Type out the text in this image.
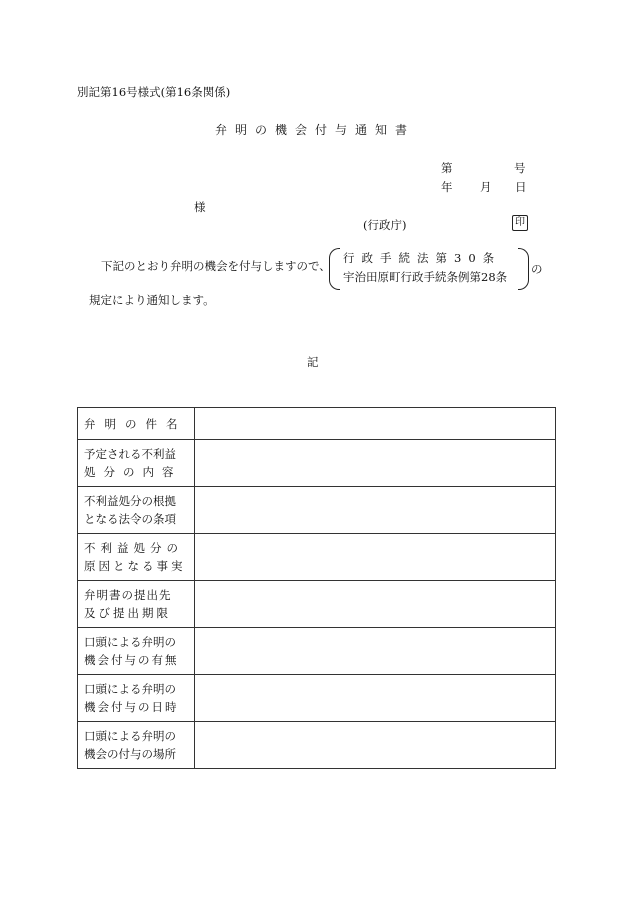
別記第16号様式(第16条関係)
弁明の機会付与通知書
第	号
年 月 日
様
(行政庁)	印
下記のとおり弁明の機会を付与しますので、
行政手続法第30条
宇治田原町行政手続条例第28条
の
規定により通知します。
記
弁明の件名	

予定される不利益
処分の内容	

不利益処分の根拠
となる法令の条項	

不利益処分の
原因となる事実	

弁明書の提出先
及び提出期限	

口頭による弁明の
機会付与の有無	

口頭による弁明の
機会付与の日時	

口頭による弁明の
機会の付与の場所	
